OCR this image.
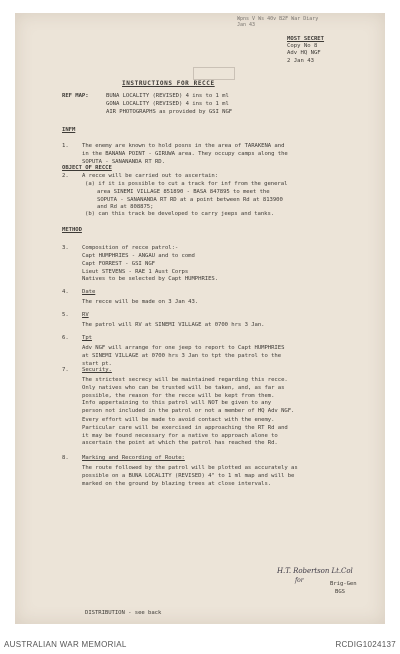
Wpns V Ws 40v B2F War Diary
Jan 43
MOST SECRET
Copy No 8
Adv HQ NGF
2 Jan 43
INSTRUCTIONS FOR RECCE
REF MAP:	BUNA LOCALITY (REVISED) 4 ins to 1 ml
GONA LOCALITY (REVISED) 4 ins to 1 ml
AIR PHOTOGRAPHS as provided by GSI NGF
INFM
1. The enemy are known to hold posns in the area of TARAKENA and
in the BANANA POINT - GIRUWA area. They occupy camps along the
SOPUTA - SANANANDA RT RD.
OBJECT OF RECCE
2. A recce will be carried out to ascertain:
(a) if it is possible to cut a track for inf from the general
area SINEMI VILLAGE 851890 - BASA 847895 to meet the
SOPUTA - SANANANDA RT RD at a point between Rd at 813900
and Rd at 808875;
(b) can this track be developed to carry jeeps and tanks.
METHOD
3. Composition of recce patrol:-
Capt HUMPHRIES - ANGAU and to comd
Capt FORREST - GSI NGF
Lieut STEVENS - RAE 1 Aust Corps
Natives to be selected by Capt HUMPHRIES.
4. Date
The recce will be made on 3 Jan 43.
5. RV
The patrol will RV at SINEMI VILLAGE at 0700 hrs 3 Jan.
6. Tpt
Adv NGF will arrange for one jeep to report to Capt HUMPHRIES
at SINEMI VILLAGE at 0700 hrs 3 Jan to tpt the patrol to the
start pt.
7. Security.
The strictest secrecy will be maintained regarding this recce.
Only natives who can be trusted will be taken, and, as far as
possible, the reason for the recce will be kept from them.
Info appertaining to this patrol will NOT be given to any
person not included in the patrol or not a member of HQ Adv NGF.
Every effort will be made to avoid contact with the enemy.
Particular care will be exercised in approaching the RT Rd and
it may be found necessary for a native to approach alone to
ascertain the point at which the patrol has reached the Rd.
8. Marking and Recording of Route:
The route followed by the patrol will be plotted as accurately as
possible on a BUNA LOCALITY (REVISED) 4" to 1 ml map and will be
marked on the ground by blazing trees at close intervals.
H.T. Robertson Lt.Col
for	Brig-Gen
BGS
DISTRIBUTION - see back
AUSTRALIAN WAR MEMORIAL	RCDIG1024137
